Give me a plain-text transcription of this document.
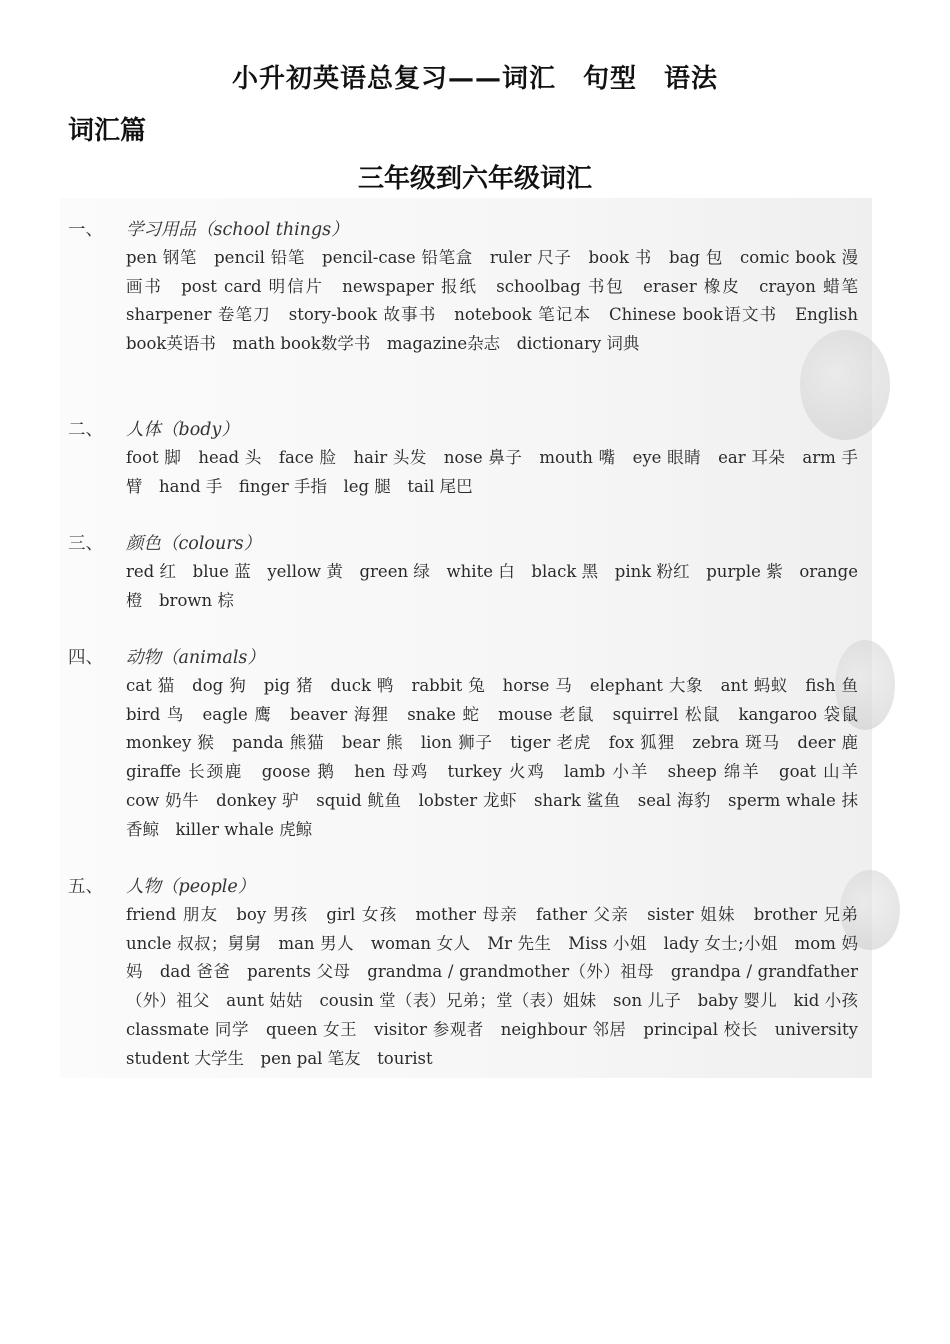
小升初英语总复习——词汇　句型　语法
词汇篇
三年级到六年级词汇
一、 学习用品（school things）
pen 钢笔　pencil 铅笔　pencil-case 铅笔盒　ruler 尺子　book 书　bag 包　comic book 漫画书　post card 明信片　newspaper 报纸　schoolbag 书包　eraser 橡皮　crayon 蜡笔　sharpener 卷笔刀　story-book 故事书　notebook 笔记本　Chinese book语文书　English book英语书　math book数学书　magazine杂志　dictionary 词典
二、 人体（body）
foot 脚　head 头　face 脸　hair 头发　nose 鼻子　mouth 嘴　eye 眼睛　ear 耳朵　arm 手臂　hand 手　finger 手指　leg 腿　tail 尾巴
三、 颜色（colours）
red 红　blue 蓝　yellow 黄　green 绿　white 白　black 黑　pink 粉红　purple 紫　orange 橙　brown 棕
四、 动物（animals）
cat 猫　dog 狗　pig 猪　duck 鸭　rabbit 兔　horse 马　elephant 大象　ant 蚂蚁　fish 鱼　bird 鸟　eagle 鹰　beaver 海狸　snake 蛇　mouse 老鼠　squirrel 松鼠　kangaroo 袋鼠　monkey 猴　panda 熊猫　bear 熊　lion 狮子　tiger 老虎　fox 狐狸　zebra 斑马　deer 鹿　giraffe 长颈鹿　goose 鹅　hen 母鸡　turkey 火鸡　lamb 小羊　sheep 绵羊　goat 山羊　cow 奶牛　donkey 驴　squid 鱿鱼　lobster 龙虾　shark 鲨鱼　seal 海豹　sperm whale 抹香鲸　killer whale 虎鲸
五、 人物（people）
friend 朋友　boy 男孩　girl 女孩　mother 母亲　father 父亲　sister 姐妹　brother 兄弟　uncle 叔叔；舅舅　man 男人　woman 女人　Mr 先生　Miss 小姐　lady 女士;小姐　mom 妈妈　dad 爸爸　parents 父母　grandma / grandmother（外）祖母　grandpa / grandfather（外）祖父　aunt 姑姑　cousin 堂（表）兄弟；堂（表）姐妹　son 儿子　baby 婴儿　kid 小孩　classmate 同学　queen 女王　visitor 参观者　neighbour 邻居　principal 校长　university student 大学生　pen pal 笔友　tourist
